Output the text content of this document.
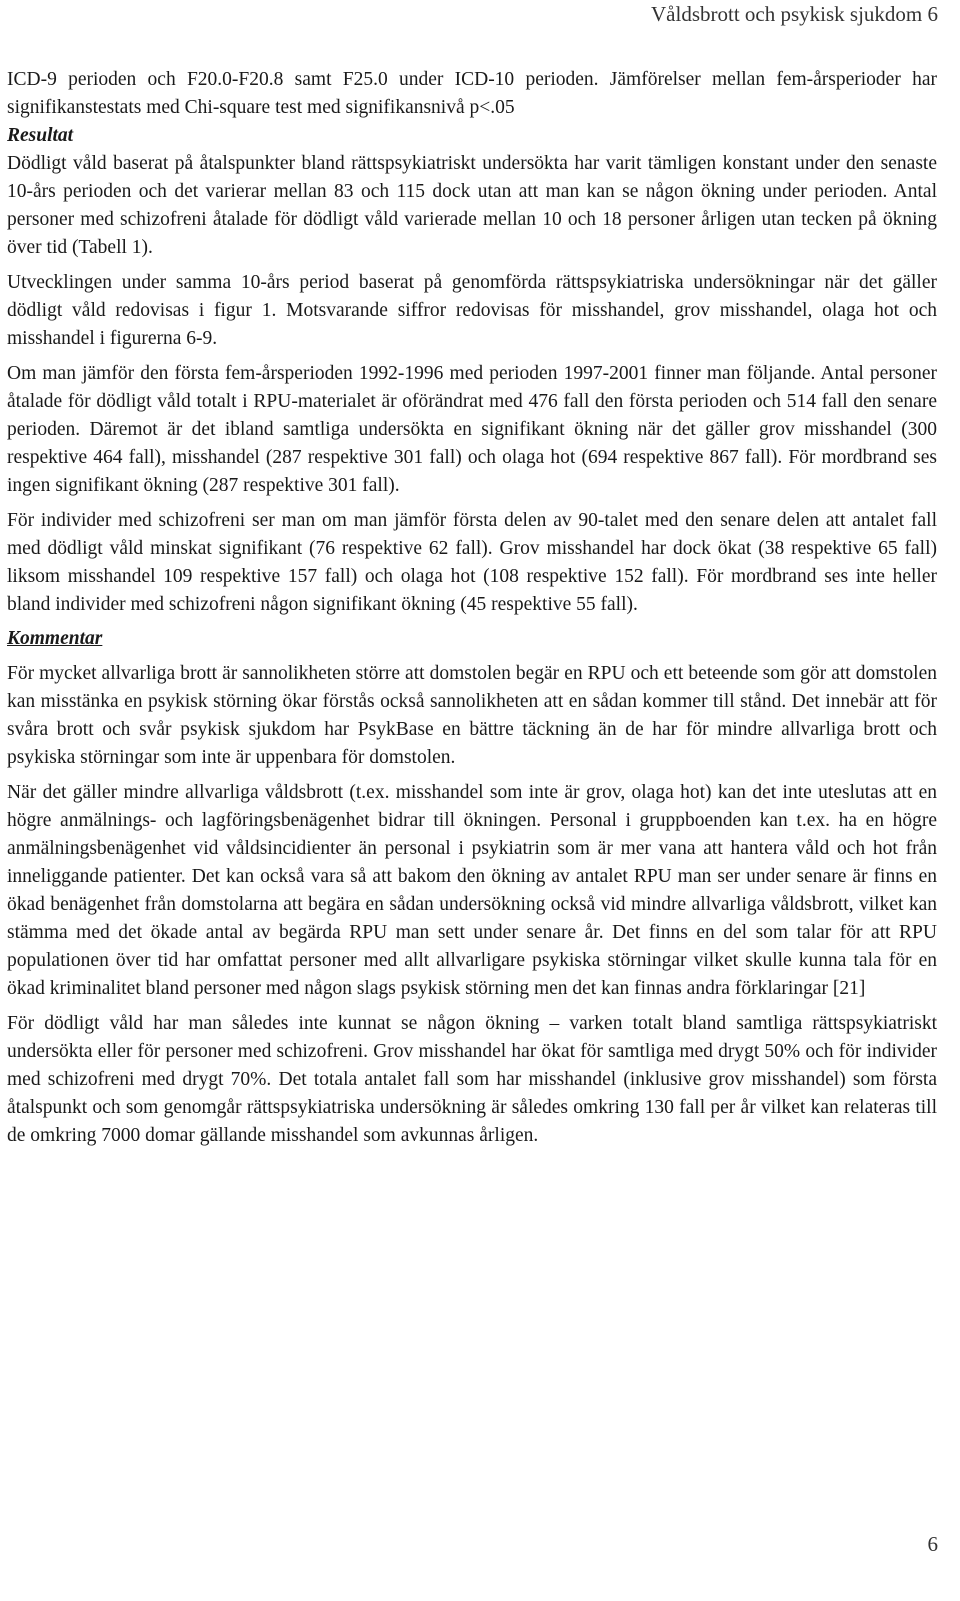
Våldsbrott och psykisk sjukdom 6

ICD-9 perioden och F20.0-F20.8 samt F25.0 under ICD-10 perioden. Jämförelser mellan fem-årsperioder har signifikanstestats med Chi-square test med signifikansnivå p<.05

Resultat

Dödligt våld baserat på åtalspunkter bland rättspsykiatriskt undersökta har varit tämligen konstant under den senaste 10-års perioden och det varierar mellan 83 och 115 dock utan att man kan se någon ökning under perioden. Antal personer med schizofreni åtalade för dödligt våld varierade mellan 10 och 18 personer årligen utan tecken på ökning över tid (Tabell 1).

Utvecklingen under samma 10-års period baserat på genomförda rättspsykiatriska undersökningar när det gäller dödligt våld redovisas i figur 1. Motsvarande siffror redovisas för misshandel, grov misshandel, olaga hot och misshandel i figurerna 6-9.

Om man jämför den första fem-årsperioden 1992-1996 med perioden 1997-2001 finner man följande. Antal personer åtalade för dödligt våld totalt i RPU-materialet är oförändrat med 476 fall den första perioden och 514 fall den senare perioden. Däremot är det ibland samtliga undersökta en signifikant ökning när det gäller grov misshandel (300 respektive 464 fall), misshandel (287 respektive 301 fall) och olaga hot (694 respektive 867 fall). För mordbrand ses ingen signifikant ökning (287 respektive 301 fall).

För individer med schizofreni ser man om man jämför första delen av 90-talet med den senare delen att antalet fall med dödligt våld minskat signifikant (76 respektive 62 fall). Grov misshandel har dock ökat (38 respektive 65 fall) liksom misshandel 109 respektive 157 fall) och olaga hot (108 respektive 152 fall). För mordbrand ses inte heller bland individer med schizofreni någon signifikant ökning (45 respektive 55 fall).

Kommentar

För mycket allvarliga brott är sannolikheten större att domstolen begär en RPU och ett beteende som gör att domstolen kan misstänka en psykisk störning ökar förstås också sannolikheten att en sådan kommer till stånd. Det innebär att för svåra brott och svår psykisk sjukdom har PsykBase en bättre täckning än de har för mindre allvarliga brott och psykiska störningar som inte är uppenbara för domstolen.

När det gäller mindre allvarliga våldsbrott (t.ex. misshandel som inte är grov, olaga hot) kan det inte uteslutas att en högre anmälnings- och lagföringsbenägenhet bidrar till ökningen. Personal i gruppboenden kan t.ex. ha en högre anmälningsbenägenhet vid våldsincidienter än personal i psykiatrin som är mer vana att hantera våld och hot från inneliggande patienter. Det kan också vara så att bakom den ökning av antalet RPU man ser under senare är finns en ökad benägenhet från domstolarna att begära en sådan undersökning också vid mindre allvarliga våldsbrott, vilket kan stämma med det ökade antal av begärda RPU man sett under senare år. Det finns en del som talar för att RPU populationen över tid har omfattat personer med allt allvarligare psykiska störningar vilket skulle kunna tala för en ökad kriminalitet bland personer med någon slags psykisk störning men det kan finnas andra förklaringar [21]

För dödligt våld har man således inte kunnat se någon ökning – varken totalt bland samtliga rättspsykiatriskt undersökta eller för personer med schizofreni. Grov misshandel har ökat för samtliga med drygt 50% och för individer med schizofreni med drygt 70%. Det totala antalet fall som har misshandel (inklusive grov misshandel) som första åtalspunkt och som genomgår rättspsykiatriska undersökning är således omkring 130 fall per år vilket kan relateras till de omkring 7000 domar gällande misshandel som avkunnas årligen.

6
